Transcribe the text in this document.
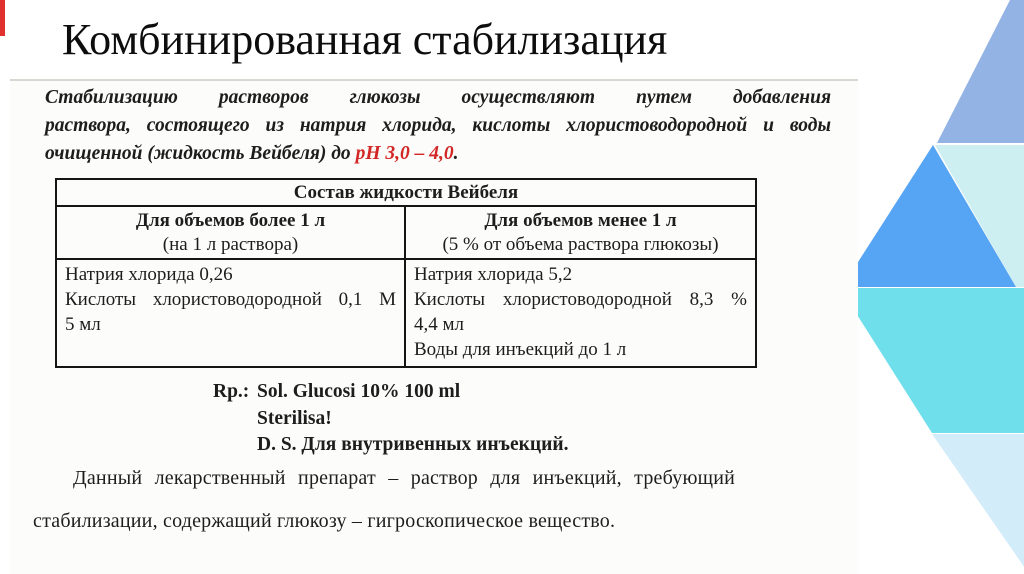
Комбинированная стабилизация
Стабилизацию растворов глюкозы осуществляют путем добавления
раствора, состоящего из натрия хлорида, кислоты хлористоводородной и воды
очищенной (жидкость Вейбеля) до рН 3,0 – 4,0.
Состав жидкости Вейбеля
Для объемов более 1 л
(на 1 л раствора)
Для объемов менее 1 л
(5 % от объема раствора глюкозы)
Натрия хлорида 0,26
Кислоты хлористоводородной 0,1 М
5 мл
Натрия хлорида 5,2
Кислоты хлористоводородной 8,3 %
4,4 мл
Воды для инъекций до 1 л
Rp.: Sol. Glucosi 10% 100 ml
Sterilisa!
D. S. Для внутривенных инъекций.
Данный лекарственный препарат – раствор для инъекций, требующий
стабилизации, содержащий глюкозу – гигроскопическое вещество.
